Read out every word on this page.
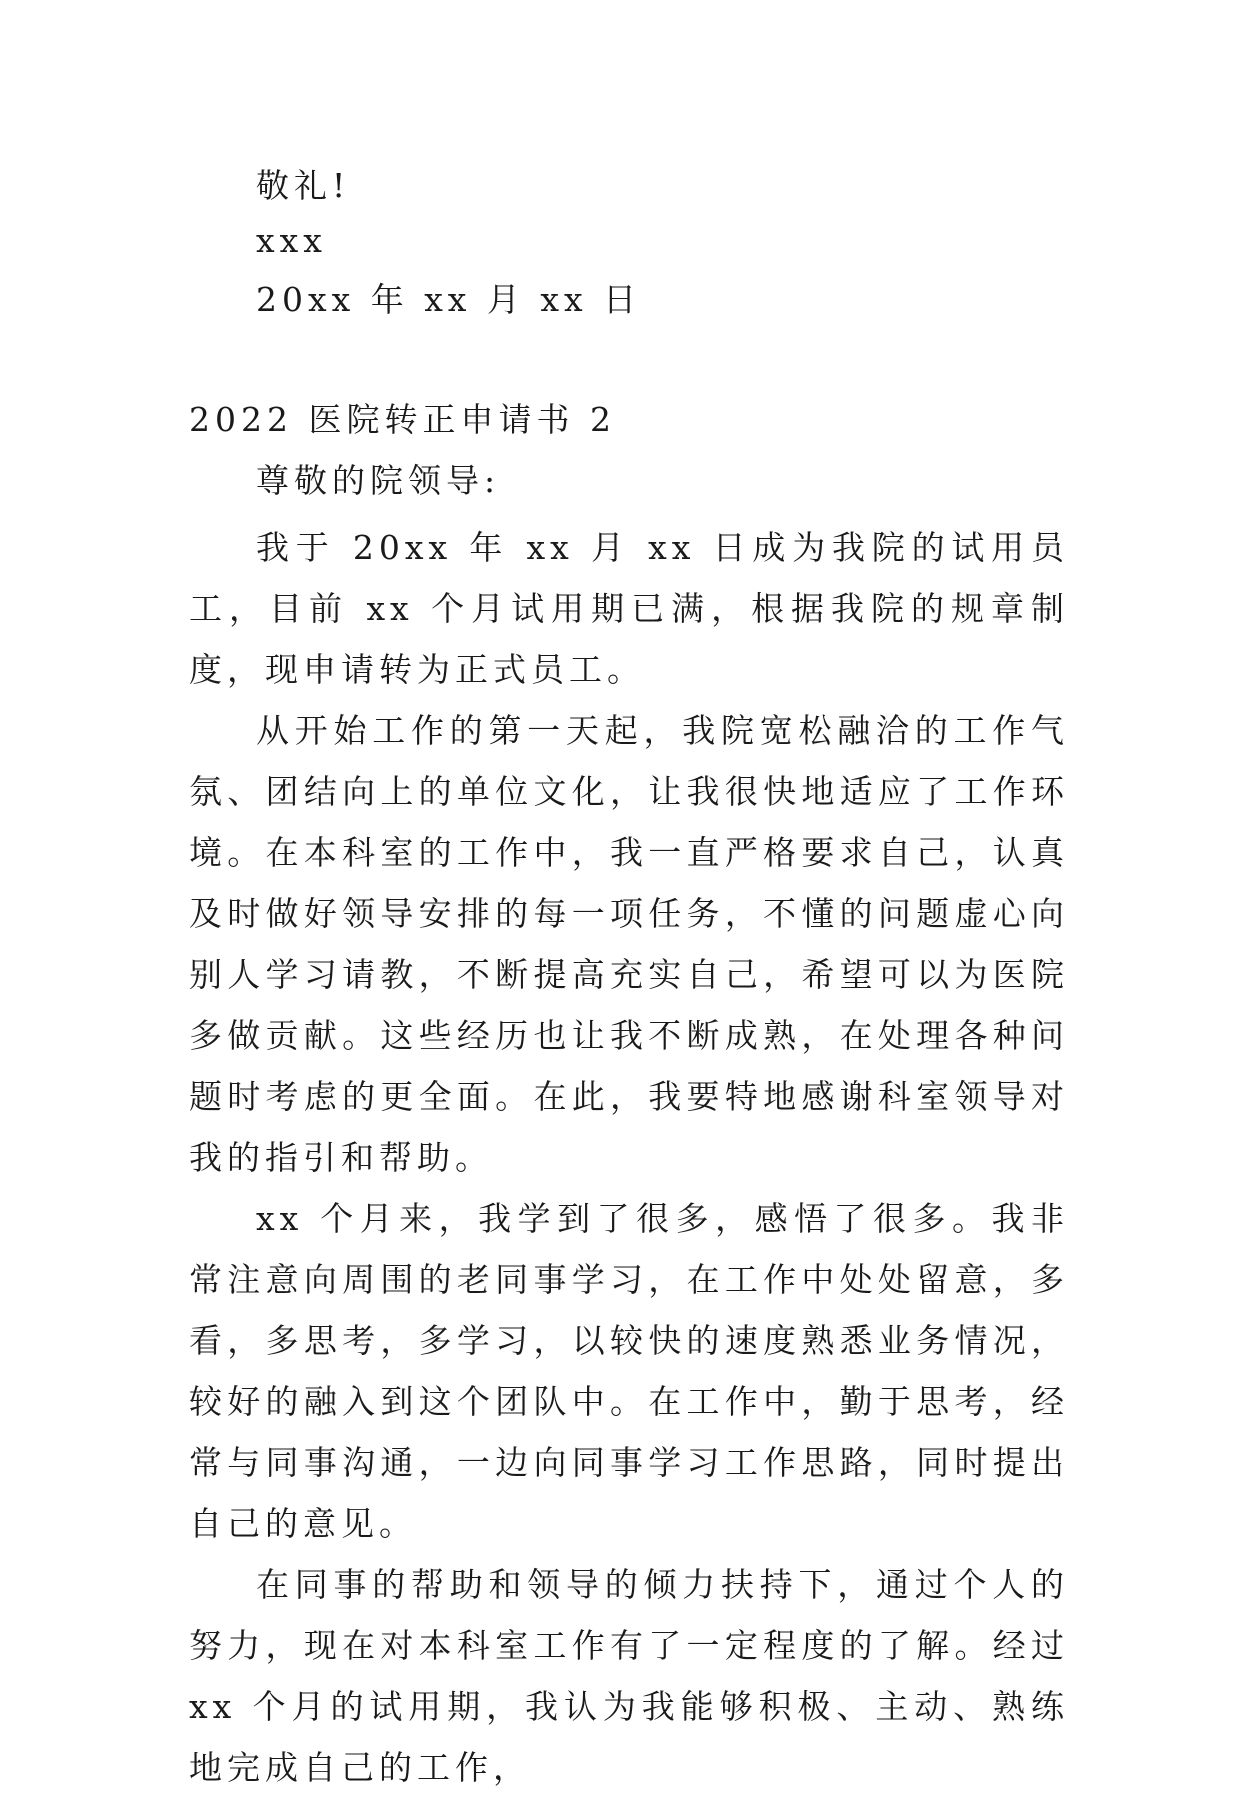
敬礼!
xxx
20xx 年 xx 月 xx 日
2022 医院转正申请书 2
尊敬的院领导:

我于 20xx 年 xx 月 xx 日成为我院的试用员工，目前 xx 个月试用期已满，根据我院的规章制度，现申请转为正式员工。

从开始工作的第一天起，我院宽松融洽的工作气氛、团结向上的单位文化，让我很快地适应了工作环境。在本科室的工作中，我一直严格要求自己，认真及时做好领导安排的每一项任务，不懂的问题虚心向别人学习请教，不断提高充实自己，希望可以为医院多做贡献。这些经历也让我不断成熟，在处理各种问题时考虑的更全面。在此，我要特地感谢科室领导对我的指引和帮助。

xx 个月来，我学到了很多，感悟了很多。我非常注意向周围的老同事学习，在工作中处处留意，多看，多思考，多学习，以较快的速度熟悉业务情况，较好的融入到这个团队中。在工作中，勤于思考，经常与同事沟通，一边向同事学习工作思路，同时提出自己的意见。

在同事的帮助和领导的倾力扶持下，通过个人的努力，现在对本科室工作有了一定程度的了解。经过 xx 个月的试用期，我认为我能够积极、主动、熟练地完成自己的工作，
